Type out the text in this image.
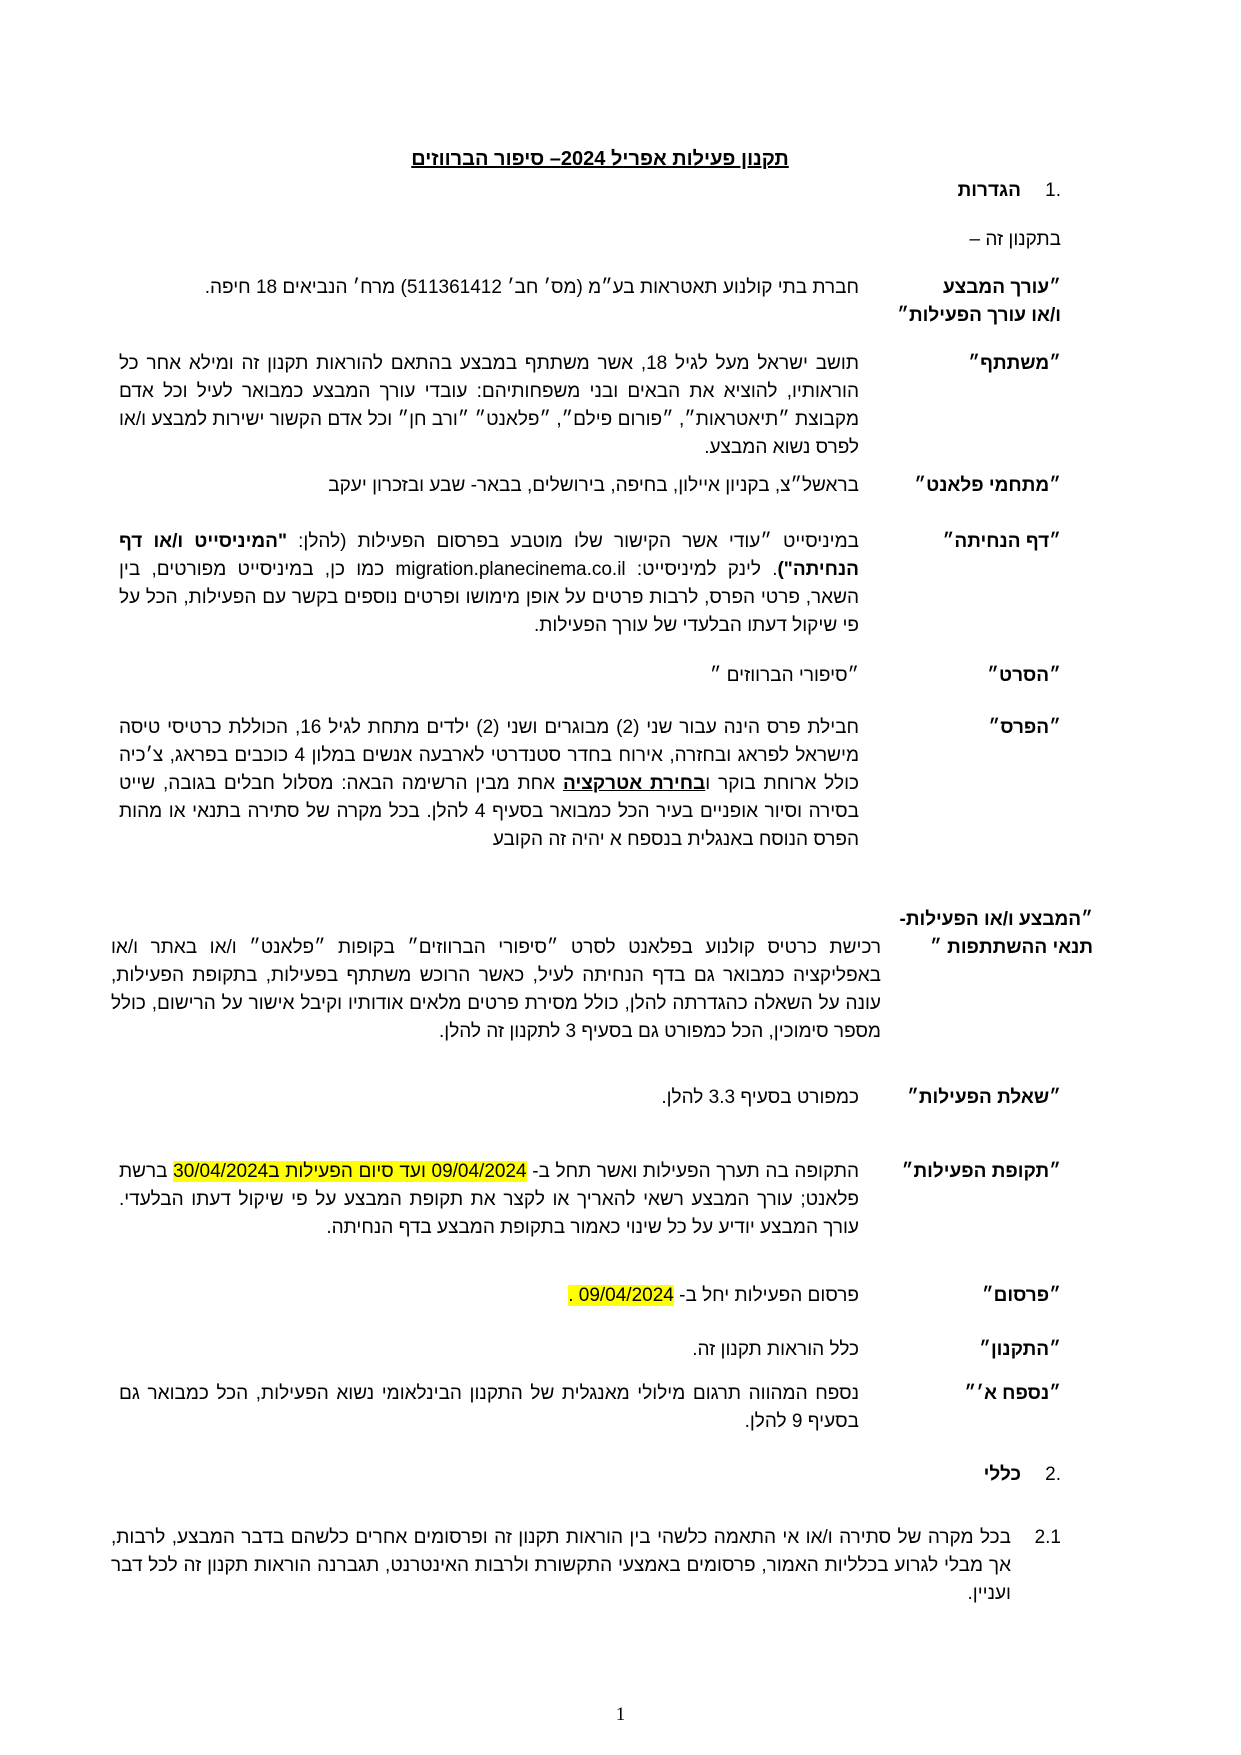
תקנון פעילות אפריל 2024– סיפור הברווזים
.1הגדרות
בתקנון זה –
״עורך המבצע
ו/או עורך הפעילות״
חברת בתי קולנוע תאטראות בע״מ (מס׳ חב׳ 511361412) מרח׳ הנביאים 18 חיפה.
״משתתף״
תושב ישראל מעל לגיל 18, אשר משתתף במבצע בהתאם להוראות תקנון זה ומילא אחר כל הוראותיו, להוציא את הבאים ובני משפחותיהם: עובדי עורך המבצע כמבואר לעיל וכל אדם מקבוצת ״תיאטראות״, ״פורום פילם״, ״פלאנט״ ״ורב חן״ וכל אדם הקשור ישירות למבצע ו/או לפרס נשוא המבצע.
״מתחמי פלאנט״
בראשל״צ, בקניון איילון, בחיפה, בירושלים, בבאר- שבע ובזכרון יעקב
״דף הנחיתה״
במיניסייט ״עודי אשר הקישור שלו מוטבע בפרסום הפעילות (להלן: "המיניסייט ו/או דף הנחיתה"). לינק למיניסייט: migration.planecinema.co.il כמו כן, במיניסייט מפורטים, בין השאר, פרטי הפרס, לרבות פרטים על אופן מימושו ופרטים נוספים בקשר עם הפעילות, הכל על פי שיקול דעתו הבלעדי של עורך הפעילות.
״הסרט״
״סיפורי הברווזים ״
״הפרס״
חבילת פרס הינה עבור שני (2) מבוגרים ושני (2) ילדים מתחת לגיל 16, הכוללת כרטיסי טיסה מישראל לפראג ובחזרה, אירוח בחדר סטנדרטי לארבעה אנשים במלון 4 כוכבים בפראג, צ׳כיה כולל ארוחת בוקר ובחירת אטרקציה אחת מבין הרשימה הבאה: מסלול חבלים בגובה, שייט בסירה וסיור אופניים בעיר הכל כמבואר בסעיף 4 להלן. בכל מקרה של סתירה בתנאי או מהות הפרס הנוסח באנגלית בנספח א יהיה זה הקובע
״המבצע ו/או הפעילות-
תנאי ההשתתפות ״
רכישת כרטיס קולנוע בפלאנט לסרט ״סיפורי הברווזים״ בקופות ״פלאנט״ ו/או באתר ו/או באפליקציה כמבואר גם בדף הנחיתה לעיל, כאשר הרוכש משתתף בפעילות, בתקופת הפעילות, עונה על השאלה כהגדרתה להלן, כולל מסירת פרטים מלאים אודותיו וקיבל אישור על הרישום, כולל מספר סימוכין, הכל כמפורט גם בסעיף 3 לתקנון זה להלן.
״שאלת הפעילות״
כמפורט בסעיף 3.3 להלן.
״תקופת הפעילות״
התקופה בה תערך הפעילות ואשר תחל ב- 09/04/2024 ועד סיום הפעילות ב30/04/2024 ברשת פלאנט; עורך המבצע רשאי להאריך או לקצר את תקופת המבצע על פי שיקול דעתו הבלעדי. עורך המבצע יודיע על כל שינוי כאמור בתקופת המבצע בדף הנחיתה.
״פרסום״
פרסום הפעילות יחל ב- 09/04/2024 .
״התקנון״
כלל הוראות תקנון זה.
״נספח א׳״
נספח המהווה תרגום מילולי מאנגלית של התקנון הבינלאומי נשוא הפעילות, הכל כמבואר גם בסעיף 9 להלן.
.2כללי
2.1
בכל מקרה של סתירה ו/או אי התאמה כלשהי בין הוראות תקנון זה ופרסומים אחרים כלשהם בדבר המבצע, לרבות, אך מבלי לגרוע בכלליות האמור, פרסומים באמצעי התקשורת ולרבות האינטרנט, תגברנה הוראות תקנון זה לכל דבר ועניין.
1
